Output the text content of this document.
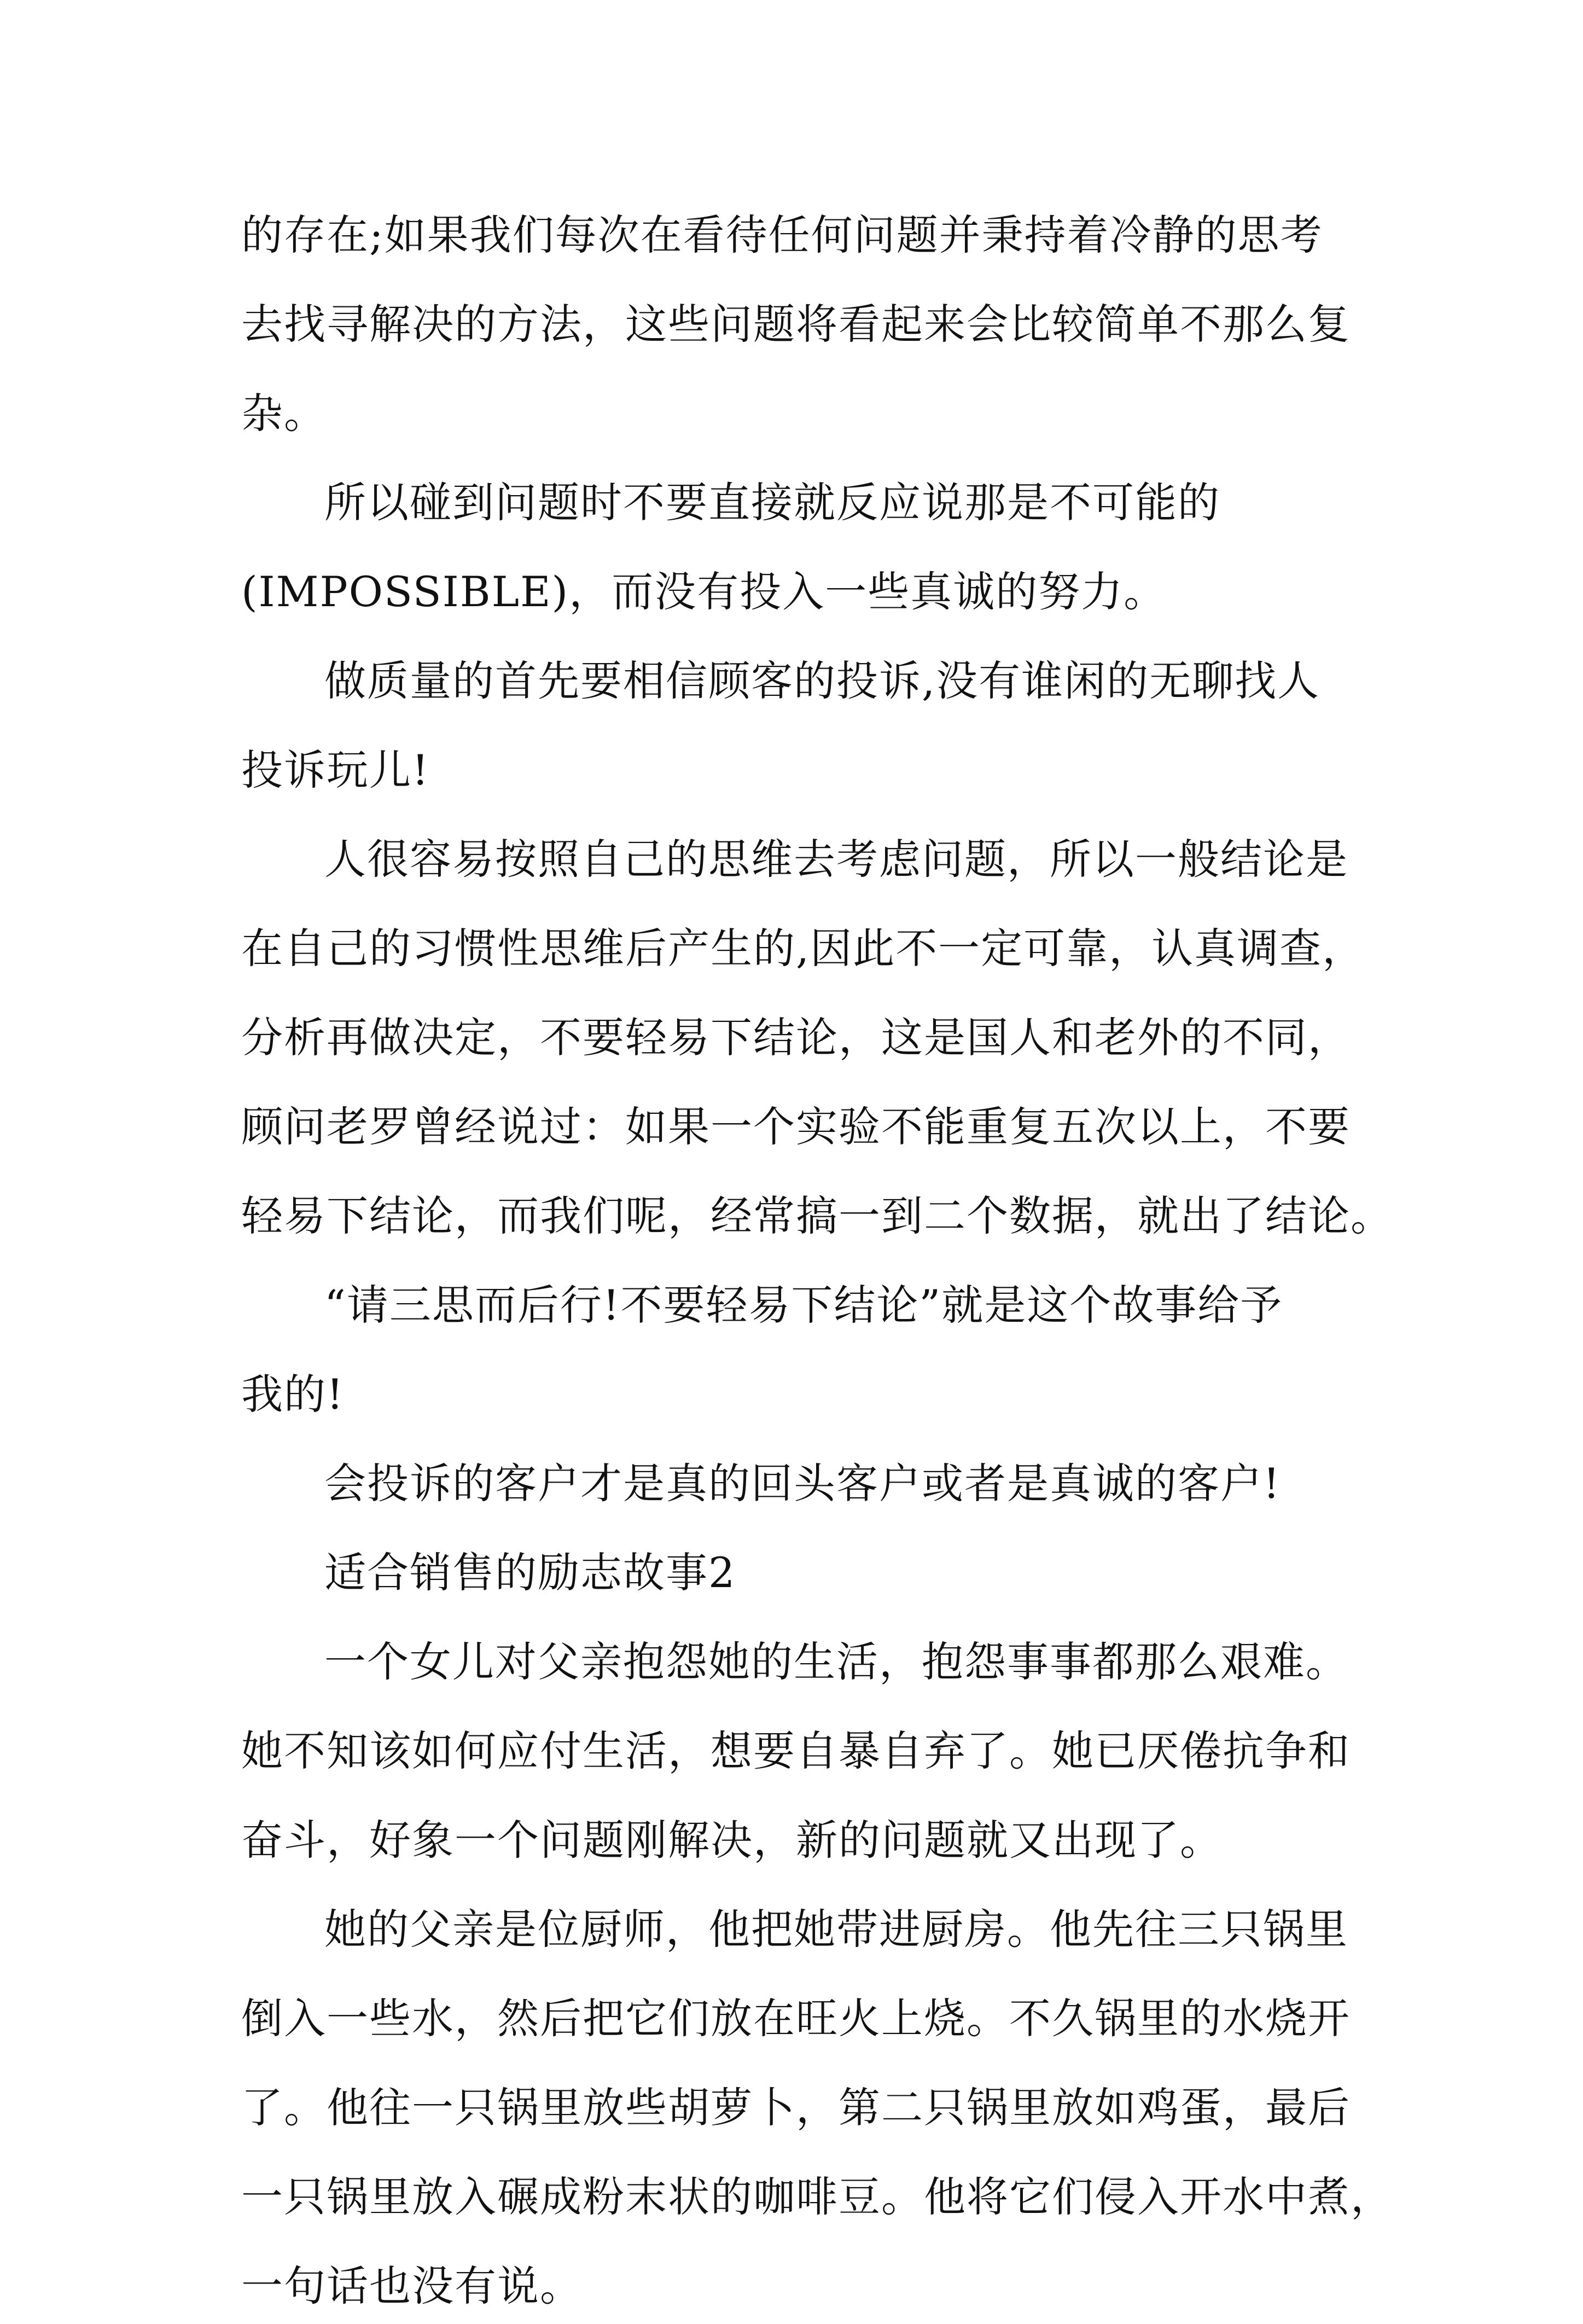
的存在;如果我们每次在看待任何问题并秉持着冷静的思考
去找寻解决的方法，这些问题将看起来会比较简单不那么复
杂。
所以碰到问题时不要直接就反应说那是不可能的
(IMPOSSIBLE)，而没有投入一些真诚的努力。
做质量的首先要相信顾客的投诉,没有谁闲的无聊找人
投诉玩儿!
人很容易按照自己的思维去考虑问题，所以一般结论是
在自己的习惯性思维后产生的,因此不一定可靠，认真调查，
分析再做决定，不要轻易下结论，这是国人和老外的不同，
顾问老罗曾经说过：如果一个实验不能重复五次以上，不要
轻易下结论，而我们呢，经常搞一到二个数据，就出了结论。
“请三思而后行!不要轻易下结论”就是这个故事给予
我的!
会投诉的客户才是真的回头客户或者是真诚的客户!
适合销售的励志故事2
一个女儿对父亲抱怨她的生活，抱怨事事都那么艰难。
她不知该如何应付生活，想要自暴自弃了。她已厌倦抗争和
奋斗，好象一个问题刚解决，新的问题就又出现了。
她的父亲是位厨师，他把她带进厨房。他先往三只锅里
倒入一些水，然后把它们放在旺火上烧。不久锅里的水烧开
了。他往一只锅里放些胡萝卜，第二只锅里放如鸡蛋，最后
一只锅里放入碾成粉末状的咖啡豆。他将它们侵入开水中煮，
一句话也没有说。
